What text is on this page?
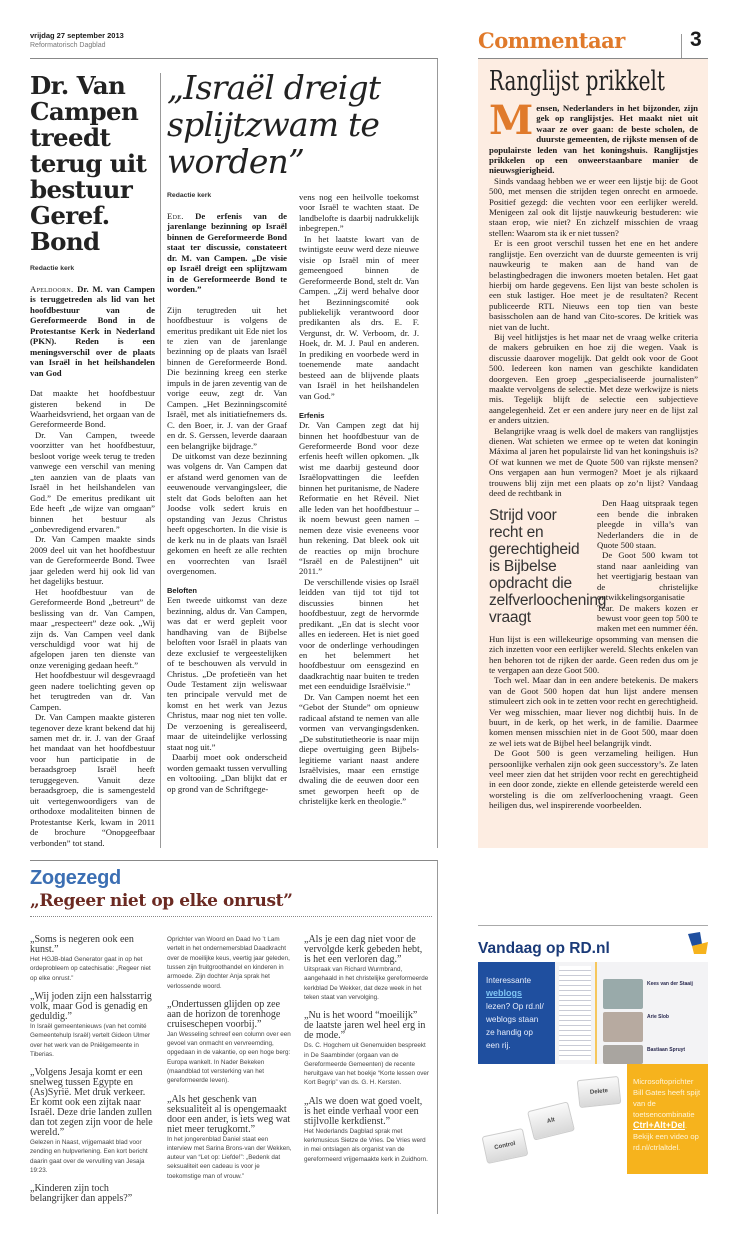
vrijdag 27 september 2013
Reformatorisch Dagblad	Commentaar	3
Dr. Van Campen treedt terug uit bestuur Geref. Bond
Redactie kerk

Apeldoorn. Dr. M. van Campen is teruggetreden als lid van het hoofdbestuur van de Gereformeerde Bond in de Protestantse Kerk in Nederland (PKN). Reden is een meningsverschil over de plaats van Israël in het heilshandelen van God

Dat maakte het hoofdbestuur gisteren bekend in De Waarheidsvriend, het orgaan van de Gereformeerde Bond.

Dr. Van Campen, tweede voorzitter van het hoofdbestuur, besloot vorige week terug te treden vanwege een verschil van mening „ten aanzien van de plaats van Israël in het heilshandelen van God.” De emeritus predikant uit Ede heeft „de wijze van omgaan” binnen het bestuur als „onbevredigend ervaren.”

Dr. Van Campen maakte sinds 2009 deel uit van het hoofdbestuur van de Gereformeerde Bond. Twee jaar geleden werd hij ook lid van het dagelijks bestuur.

Het hoofdbestuur van de Gereformeerde Bond „betreurt” de beslissing van dr. Van Campen, maar „respecteert” deze ook. „Wij zijn ds. Van Campen veel dank verschuldigd voor wat hij de afgelopen jaren ten dienste van onze vereniging gedaan heeft.”

Het hoofdbestuur wil desgevraagd geen nadere toelichting geven op het terugtreden van dr. Van Campen.

Dr. Van Campen maakte gisteren tegenover deze krant bekend dat hij samen met dr. ir. J. van der Graaf het mandaat van het hoofdbestuur voor hun participatie in de beraadsgroep Israël heeft teruggegeven. Vanuit deze beraadsgroep, die is samengesteld uit vertegenwoordigers van de orthodoxe modaliteiten binnen de Protestantse Kerk, kwam in 2011 de brochure “Onopgeefbaar verbonden” tot stand.

„Israël dreigt splijtzwam te worden”
Redactie kerk

Ede. De erfenis van de jarenlange bezinning op Israël binnen de Gereformeerde Bond staat ter discussie, constateert dr. M. van Campen. „De visie op Israël dreigt een splijtzwam in de Gereformeerde Bond te worden.”

Zijn terugtreden uit het hoofdbestuur is volgens de emeritus predikant uit Ede niet los te zien van de jarenlange bezinning op de plaats van Israël binnen de Gereformeerde Bond. Die bezinning kreeg een sterke impuls in de jaren zeventig van de vorige eeuw, zegt dr. Van Campen. „Het Bezinningscomité Israël, met als initiatiefnemers ds. C. den Boer, ir. J. van der Graaf en dr. S. Gerssen, leverde daaraan een belangrijke bijdrage.”

De uitkomst van deze bezinning was volgens dr. Van Campen dat er afstand werd genomen van de eeuwenoude vervangingsleer, die stelt dat Gods beloften aan het Joodse volk sedert kruis en opstanding van Jezus Christus heeft opgeschorten. In die visie is de kerk nu in de plaats van Israël gekomen en heeft ze alle rechten en voorrechten van Israël overgenomen.

Beloften

Een tweede uitkomst van deze bezinning, aldus dr. Van Campen, was dat er werd gepleit voor handhaving van de Bijbelse beloften voor Israël in plaats van deze exclusief te vergeestelijken of te beschouwen als vervuld in Christus. „De profetieën van het Oude Testament zijn weliswaar ten principale vervuld met de komst en het werk van Jezus Christus, maar nog niet ten volle. De verzoening is gerealiseerd, maar de uiteindelijke verlossing staat nog uit.”

Daarbij moet ook onderscheid worden gemaakt tussen vervulling en voltooiing. „Dan blijkt dat er op grond van de Schriftgege-

vens nog een heilvolle toekomst voor Israël te wachten staat. De landbelofte is daarbij nadrukkelijk inbegrepen.”

In het laatste kwart van de twintigste eeuw werd deze nieuwe visie op Israël min of meer gemeengoed binnen de Gereformeerde Bond, stelt dr. Van Campen. „Zij werd behalve door het Bezinningscomité ook publiekelijk verantwoord door predikanten als drs. E. F. Vergunst, dr. W. Verboom, dr. J. Hoek, dr. M. J. Paul en anderen. In prediking en voorbede werd in toenemende mate aandacht besteed aan de blijvende plaats van Israël in het heilshandelen van God.”

Erfenis

Dr. Van Campen zegt dat hij binnen het hoofdbestuur van de Gereformeerde Bond voor deze erfenis heeft willen opkomen. „Ik wist me daarbij gesteund door Israëlopvattingen die leefden binnen het puritanisme, de Nadere Reformatie en het Réveil. Niet alle leden van het hoofdbestuur – ik noem bewust geen namen – nemen deze visie eveneens voor hun rekening. Dat bleek ook uit de reacties op mijn brochure “Israël en de Palestijnen” uit 2011.”

De verschillende visies op Israël leidden van tijd tot tijd tot discussies binnen het hoofdbestuur, zegt de hervormde predikant. „En dat is slecht voor alles en iedereen. Het is niet goed voor de onderlinge verhoudingen en het belemmert het hoofdbestuur om eensgezind en daadkrachtig naar buiten te treden met een eenduidige Israëlvisie.”

Dr. Van Campen noemt het een “Gebot der Stunde” om opnieuw radicaal afstand te nemen van alle vormen van vervangingsdenken. „De substitutietheorie is naar mijn diepe overtuiging geen Bijbels-legitieme variant naast andere Israëlvisies, maar een ernstige dwaling die de eeuwen door een smet geworpen heeft op de christelijke kerk en theologie.”

Ranglijst prikkelt

Mensen, Nederlanders in het bijzonder, zijn gek op ranglijstjes. Het maakt niet uit waar ze over gaan: de beste scholen, de duurste gemeenten, de rijkste mensen of de populairste leden van het koningshuis. Ranglijstjes prikkelen op een onweerstaanbare manier de nieuwsgierigheid.

Sinds vandaag hebben we er weer een lijstje bij: de Goot 500, met mensen die strijden tegen onrecht en armoede. Positief gezegd: die vechten voor een eerlijker wereld. Menigeen zal ook dit lijstje nauwkeurig bestuderen: wie staan erop, wie niet? En zichzelf misschien de vraag stellen: Waarom sta ik er niet tussen?

Er is een groot verschil tussen het ene en het andere ranglijstje. Een overzicht van de duurste gemeenten is vrij nauwkeurig te maken aan de hand van de belastingbedragen die inwoners moeten betalen. Het gaat hierbij om harde gegevens. Een lijst van beste scholen is een stuk lastiger. Hoe meet je de resultaten? Recent publiceerde RTL Nieuws een top tien van beste basisscholen aan de hand van Cito-scores. De kritiek was niet van de lucht.

Bij veel hitlijstjes is het maar net de vraag welke criteria de makers gebruiken en hoe zij die wegen. Vaak is discussie daarover mogelijk. Dat geldt ook voor de Goot 500. Iedereen kon namen van geschikte kandidaten doorgeven. Een groep „gespecialiseerde journalisten” maakte vervolgens de selectie. Met deze werkwijze is niets mis. Tegelijk blijft de selectie een subjectieve aangelegenheid. Zet er een andere jury neer en de lijst zal er anders uitzien.

Belangrijke vraag is welk doel de makers van ranglijstjes dienen. Wat schieten we ermee op te weten dat koningin Máxima al jaren het populairste lid van het koningshuis is? Of wat kunnen we met de Quote 500 van rijkste mensen? Ons vergapen aan hun vermogen? Moet je als rijkaard trouwens blij zijn met een plaats op zo’n lijst? Vandaag deed de rechtbank in

Strijd voor recht en gerechtigheid is Bijbelse opdracht die zelfverloochening vraagt

Den Haag uitspraak tegen een bende die inbraken pleegde in villa’s van Nederlanders die in de Quote 500 staan.

De Goot 500 kwam tot stand naar aanleiding van het veertigjarig bestaan van de christelijke ontwikkelingsorganisatie Tear. De makers kozen er bewust voor geen top 500 te maken met een nummer één. Hun lijst is een willekeurige opsomming van mensen die zich inzetten voor een eerlijker wereld. Slechts enkelen van hen behoren tot de rijken der aarde. Geen reden dus om je te vergapen aan deze Goot 500.

Toch wel. Maar dan in een andere betekenis. De makers van de Goot 500 hopen dat hun lijst andere mensen stimuleert zich ook in te zetten voor recht en gerechtigheid. Ver weg misschien, maar liever nog dichtbij huis. In de buurt, in de kerk, op het werk, in de familie. Daarmee komen mensen misschien niet in de Goot 500, maar doen ze wel iets wat de Bijbel heel belangrijk vindt.

De Goot 500 is geen verzameling heiligen. Hun persoonlijke verhalen zijn ook geen successtory’s. Ze laten veel meer zien dat het strijden voor recht en gerechtigheid in een door zonde, ziekte en ellende geteisterde wereld een worsteling is die om zelfverloochening vraagt. Geen heiligen dus, wel inspirerende voorbeelden.

Zogezegd
„Regeer niet op elke onrust”
„Soms is negeren ook een kunst.”
Het HGJB-blad Generator gaat in op het ordeprobleem op catechisatie: „Regeer niet op elke onrust.”
„Wij joden zijn een halsstarrig volk, maar God is genadig en geduldig.”
In Israël gemeentenieuws (van het comité Gemeentehulp Israël) vertelt Gideon Ulmer over het werk van de Pniëlgemeente in Tiberias.
„Volgens Jesaja komt er een snelweg tussen Egypte en (As)Syrië. Met druk verkeer. Er komt ook een zijtak naar Israël. Deze drie landen zullen dan tot zegen zijn voor de hele wereld.”
Gelezen in Naast, vrijgemaakt blad voor zending en hulpverlening. Een kort bericht daarin gaat over de vervulling van Jesaja 19:23.
„Kinderen zijn toch belangrijker dan appels?”
Oprichter van Woord en Daad Ivo ’t Lam vertelt in het ondernemersblad Daadkracht over de moeilijke keus, veertig jaar geleden, tussen zijn fruitgroothandel en kinderen in armoede. Zijn dochter Anja sprak het verlossende woord.
„Ondertussen glijden op zee aan de horizon de torenhoge cruiseschepen voorbij.”
Jan Wesseling schreef een column over een gevoel van onmacht en vervreemding, opgedaan in de vakantie, op een hoge berg: Europa wankelt. In Nader Bekeken (maandblad tot versterking van het gereformeerde leven).
„Als het geschenk van seksualiteit al is opengemaakt door een ander, is iets weg wat niet meer terugkomt.”
In het jongerenblad Daniel staat een interview met Sarina Brons-van der Wekken, auteur van “Let op: Liefde!”: „Bedenk dat seksualiteit een cadeau is voor je toekomstige man of vrouw.”
„Als je een dag niet voor de vervolgde kerk gebeden hebt, is het een verloren dag.”
Uitspraak van Richard Wurmbrand, aangehaald in het christelijke gereformeerde kerkblad De Wekker, dat deze week in het teken staat van vervolging.
„Nu is het woord “moeilijk” de laatste jaren wel heel erg in de mode.”
Ds. C. Hogchem uit Genemuiden bespreekt in De Saambinder (orgaan van de Gereformeerde Gemeenten) de recente heruitgave van het boekje “Korte lessen over Kort Begrip” van ds. G. H. Kersten.
„Als we doen wat goed voelt, is het einde verhaal voor een stijlvolle kerkdienst.”
Het Nederlands Dagblad sprak met kerkmusicus Sietze de Vries. De Vries werd in mei ontslagen als organist van de gereformeerd vrijgemaakte kerk in Zuidhorn.
Vandaag op RD.nl
Interessante
weblogs
lezen? Op rd.nl/ weblogs staan ze handig op een rij.
Kees van der Staaij
Arie Slob
Bastiaan Spruyt
Control
Alt
Delete
Microsoftoprichter Bill Gates heeft spijt van de toetsencombinatie Ctrl+Alt+Del. Bekijk een video op rd.nl/ctrlaltdel.
